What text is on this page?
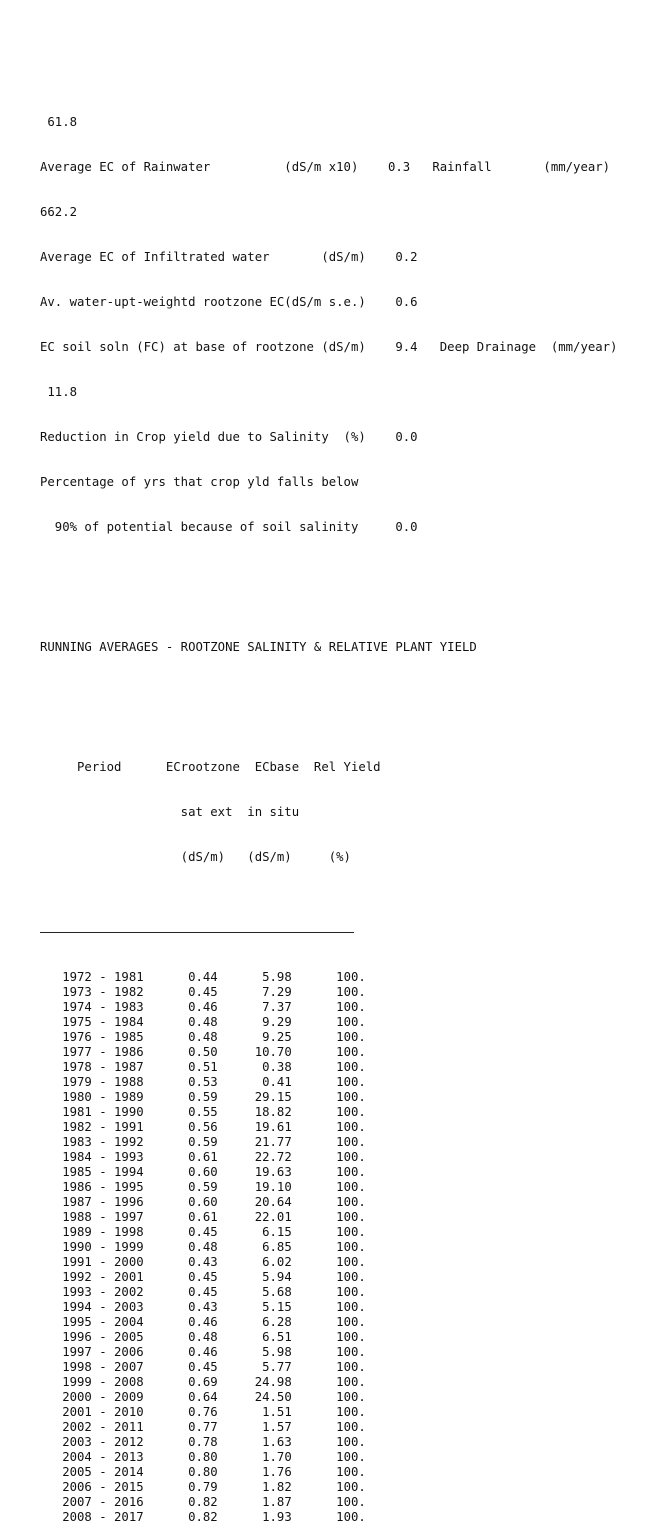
61.8

Average EC of Rainwater          (dS/m x10)    0.3   Rainfall       (mm/year)

662.2

Average EC of Infiltrated water       (dS/m)    0.2

Av. water-upt-weightd rootzone EC(dS/m s.e.)    0.6

EC soil soln (FC) at base of rootzone (dS/m)    9.4   Deep Drainage  (mm/year)

11.8

Reduction in Crop yield due to Salinity  (%)    0.0

Percentage of yrs that crop yld falls below

90% of potential because of soil salinity     0.0

RUNNING AVERAGES - ROOTZONE SALINITY & RELATIVE PLANT YIELD

Period      ECrootzone  ECbase  Rel Yield

sat ext  in situ

(dS/m)   (dS/m)     (%)

1972 - 1981      0.44      5.98      100.
1973 - 1982      0.45      7.29      100.
1974 - 1983      0.46      7.37      100.
1975 - 1984      0.48      9.29      100.
1976 - 1985      0.48      9.25      100.
1977 - 1986      0.50     10.70      100.
1978 - 1987      0.51      0.38      100.
1979 - 1988      0.53      0.41      100.
1980 - 1989      0.59     29.15      100.
1981 - 1990      0.55     18.82      100.
1982 - 1991      0.56     19.61      100.
1983 - 1992      0.59     21.77      100.
1984 - 1993      0.61     22.72      100.
1985 - 1994      0.60     19.63      100.
1986 - 1995      0.59     19.10      100.
1987 - 1996      0.60     20.64      100.
1988 - 1997      0.61     22.01      100.
1989 - 1998      0.45      6.15      100.
1990 - 1999      0.48      6.85      100.
1991 - 2000      0.43      6.02      100.
1992 - 2001      0.45      5.94      100.
1993 - 2002      0.45      5.68      100.
1994 - 2003      0.43      5.15      100.
1995 - 2004      0.46      6.28      100.
1996 - 2005      0.48      6.51      100.
1997 - 2006      0.46      5.98      100.
1998 - 2007      0.45      5.77      100.
1999 - 2008      0.69     24.98      100.
2000 - 2009      0.64     24.50      100.
2001 - 2010      0.76      1.51      100.
2002 - 2011      0.77      1.57      100.
2003 - 2012      0.78      1.63      100.
2004 - 2013      0.80      1.70      100.
2005 - 2014      0.80      1.76      100.
2006 - 2015      0.79      1.82      100.
2007 - 2016      0.82      1.87      100.
2008 - 2017      0.82      1.93      100.
